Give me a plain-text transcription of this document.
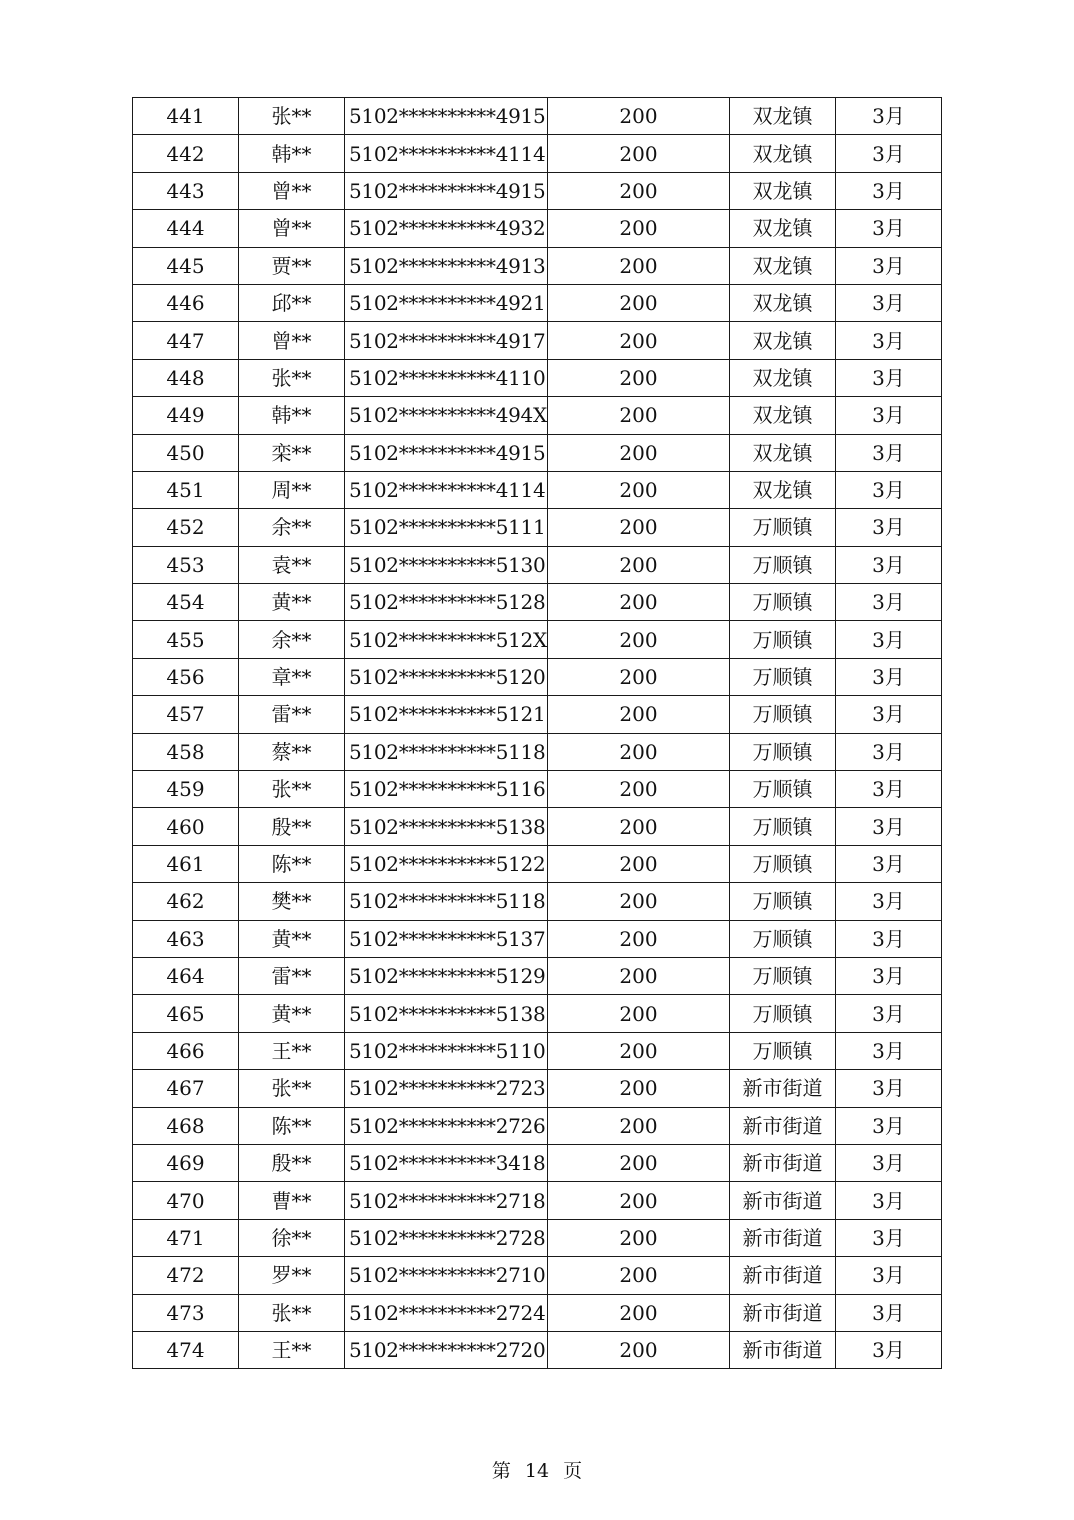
441	张**	5102**********4915	200	双龙镇	3月
442	韩**	5102**********4114	200	双龙镇	3月
443	曾**	5102**********4915	200	双龙镇	3月
444	曾**	5102**********4932	200	双龙镇	3月
445	贾**	5102**********4913	200	双龙镇	3月
446	邱**	5102**********4921	200	双龙镇	3月
447	曾**	5102**********4917	200	双龙镇	3月
448	张**	5102**********4110	200	双龙镇	3月
449	韩**	5102**********494X	200	双龙镇	3月
450	栾**	5102**********4915	200	双龙镇	3月
451	周**	5102**********4114	200	双龙镇	3月
452	余**	5102**********5111	200	万顺镇	3月
453	袁**	5102**********5130	200	万顺镇	3月
454	黄**	5102**********5128	200	万顺镇	3月
455	余**	5102**********512X	200	万顺镇	3月
456	章**	5102**********5120	200	万顺镇	3月
457	雷**	5102**********5121	200	万顺镇	3月
458	蔡**	5102**********5118	200	万顺镇	3月
459	张**	5102**********5116	200	万顺镇	3月
460	殷**	5102**********5138	200	万顺镇	3月
461	陈**	5102**********5122	200	万顺镇	3月
462	樊**	5102**********5118	200	万顺镇	3月
463	黄**	5102**********5137	200	万顺镇	3月
464	雷**	5102**********5129	200	万顺镇	3月
465	黄**	5102**********5138	200	万顺镇	3月
466	王**	5102**********5110	200	万顺镇	3月
467	张**	5102**********2723	200	新市街道	3月
468	陈**	5102**********2726	200	新市街道	3月
469	殷**	5102**********3418	200	新市街道	3月
470	曹**	5102**********2718	200	新市街道	3月
471	徐**	5102**********2728	200	新市街道	3月
472	罗**	5102**********2710	200	新市街道	3月
473	张**	5102**********2724	200	新市街道	3月
474	王**	5102**********2720	200	新市街道	3月
第 14 页
